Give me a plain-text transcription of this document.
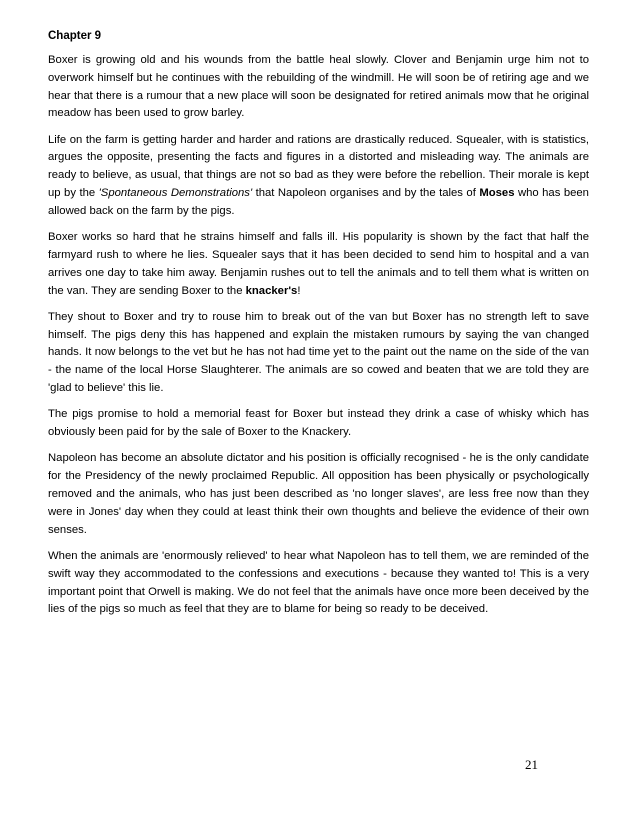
Chapter 9

Boxer is growing old and his wounds from the battle heal slowly. Clover and Benjamin urge him not to overwork himself but he continues with the rebuilding of the windmill. He will soon be of retiring age and we hear that there is a rumour that a new place will soon be designated for retired animals mow that he original meadow has been used to grow barley.

Life on the farm is getting harder and harder and rations are drastically reduced. Squealer, with is statistics, argues the opposite, presenting the facts and figures in a distorted and misleading way. The animals are ready to believe, as usual, that things are not so bad as they were before the rebellion. Their morale is kept up by the 'Spontaneous Demonstrations' that Napoleon organises and by the tales of Moses who has been allowed back on the farm by the pigs.

Boxer works so hard that he strains himself and falls ill. His popularity is shown by the fact that half the farmyard rush to where he lies. Squealer says that it has been decided to send him to hospital and a van arrives one day to take him away. Benjamin rushes out to tell the animals and to tell them what is written on the van. They are sending Boxer to the knacker's!

They shout to Boxer and try to rouse him to break out of the van but Boxer has no strength left to save himself. The pigs deny this has happened and explain the mistaken rumours by saying the van changed hands. It now belongs to the vet but he has not had time yet to the paint out the name on the side of the van - the name of the local Horse Slaughterer. The animals are so cowed and beaten that we are told they are 'glad to believe' this lie.

The pigs promise to hold a memorial feast for Boxer but instead they drink a case of whisky which has obviously been paid for by the sale of Boxer to the Knackery.

Napoleon has become an absolute dictator and his position is officially recognised - he is the only candidate for the Presidency of the newly proclaimed Republic. All opposition has been physically or psychologically removed and the animals, who has just been described as 'no longer slaves', are less free now than they were in Jones' day when they could at least think their own thoughts and believe the evidence of their own senses.

When the animals are 'enormously relieved' to hear what Napoleon has to tell them, we are reminded of the swift way they accommodated to the confessions and executions - because they wanted to! This is a very important point that Orwell is making. We do not feel that the animals have once more been deceived by the lies of the pigs so much as feel that they are to blame for being so ready to be deceived.

21
